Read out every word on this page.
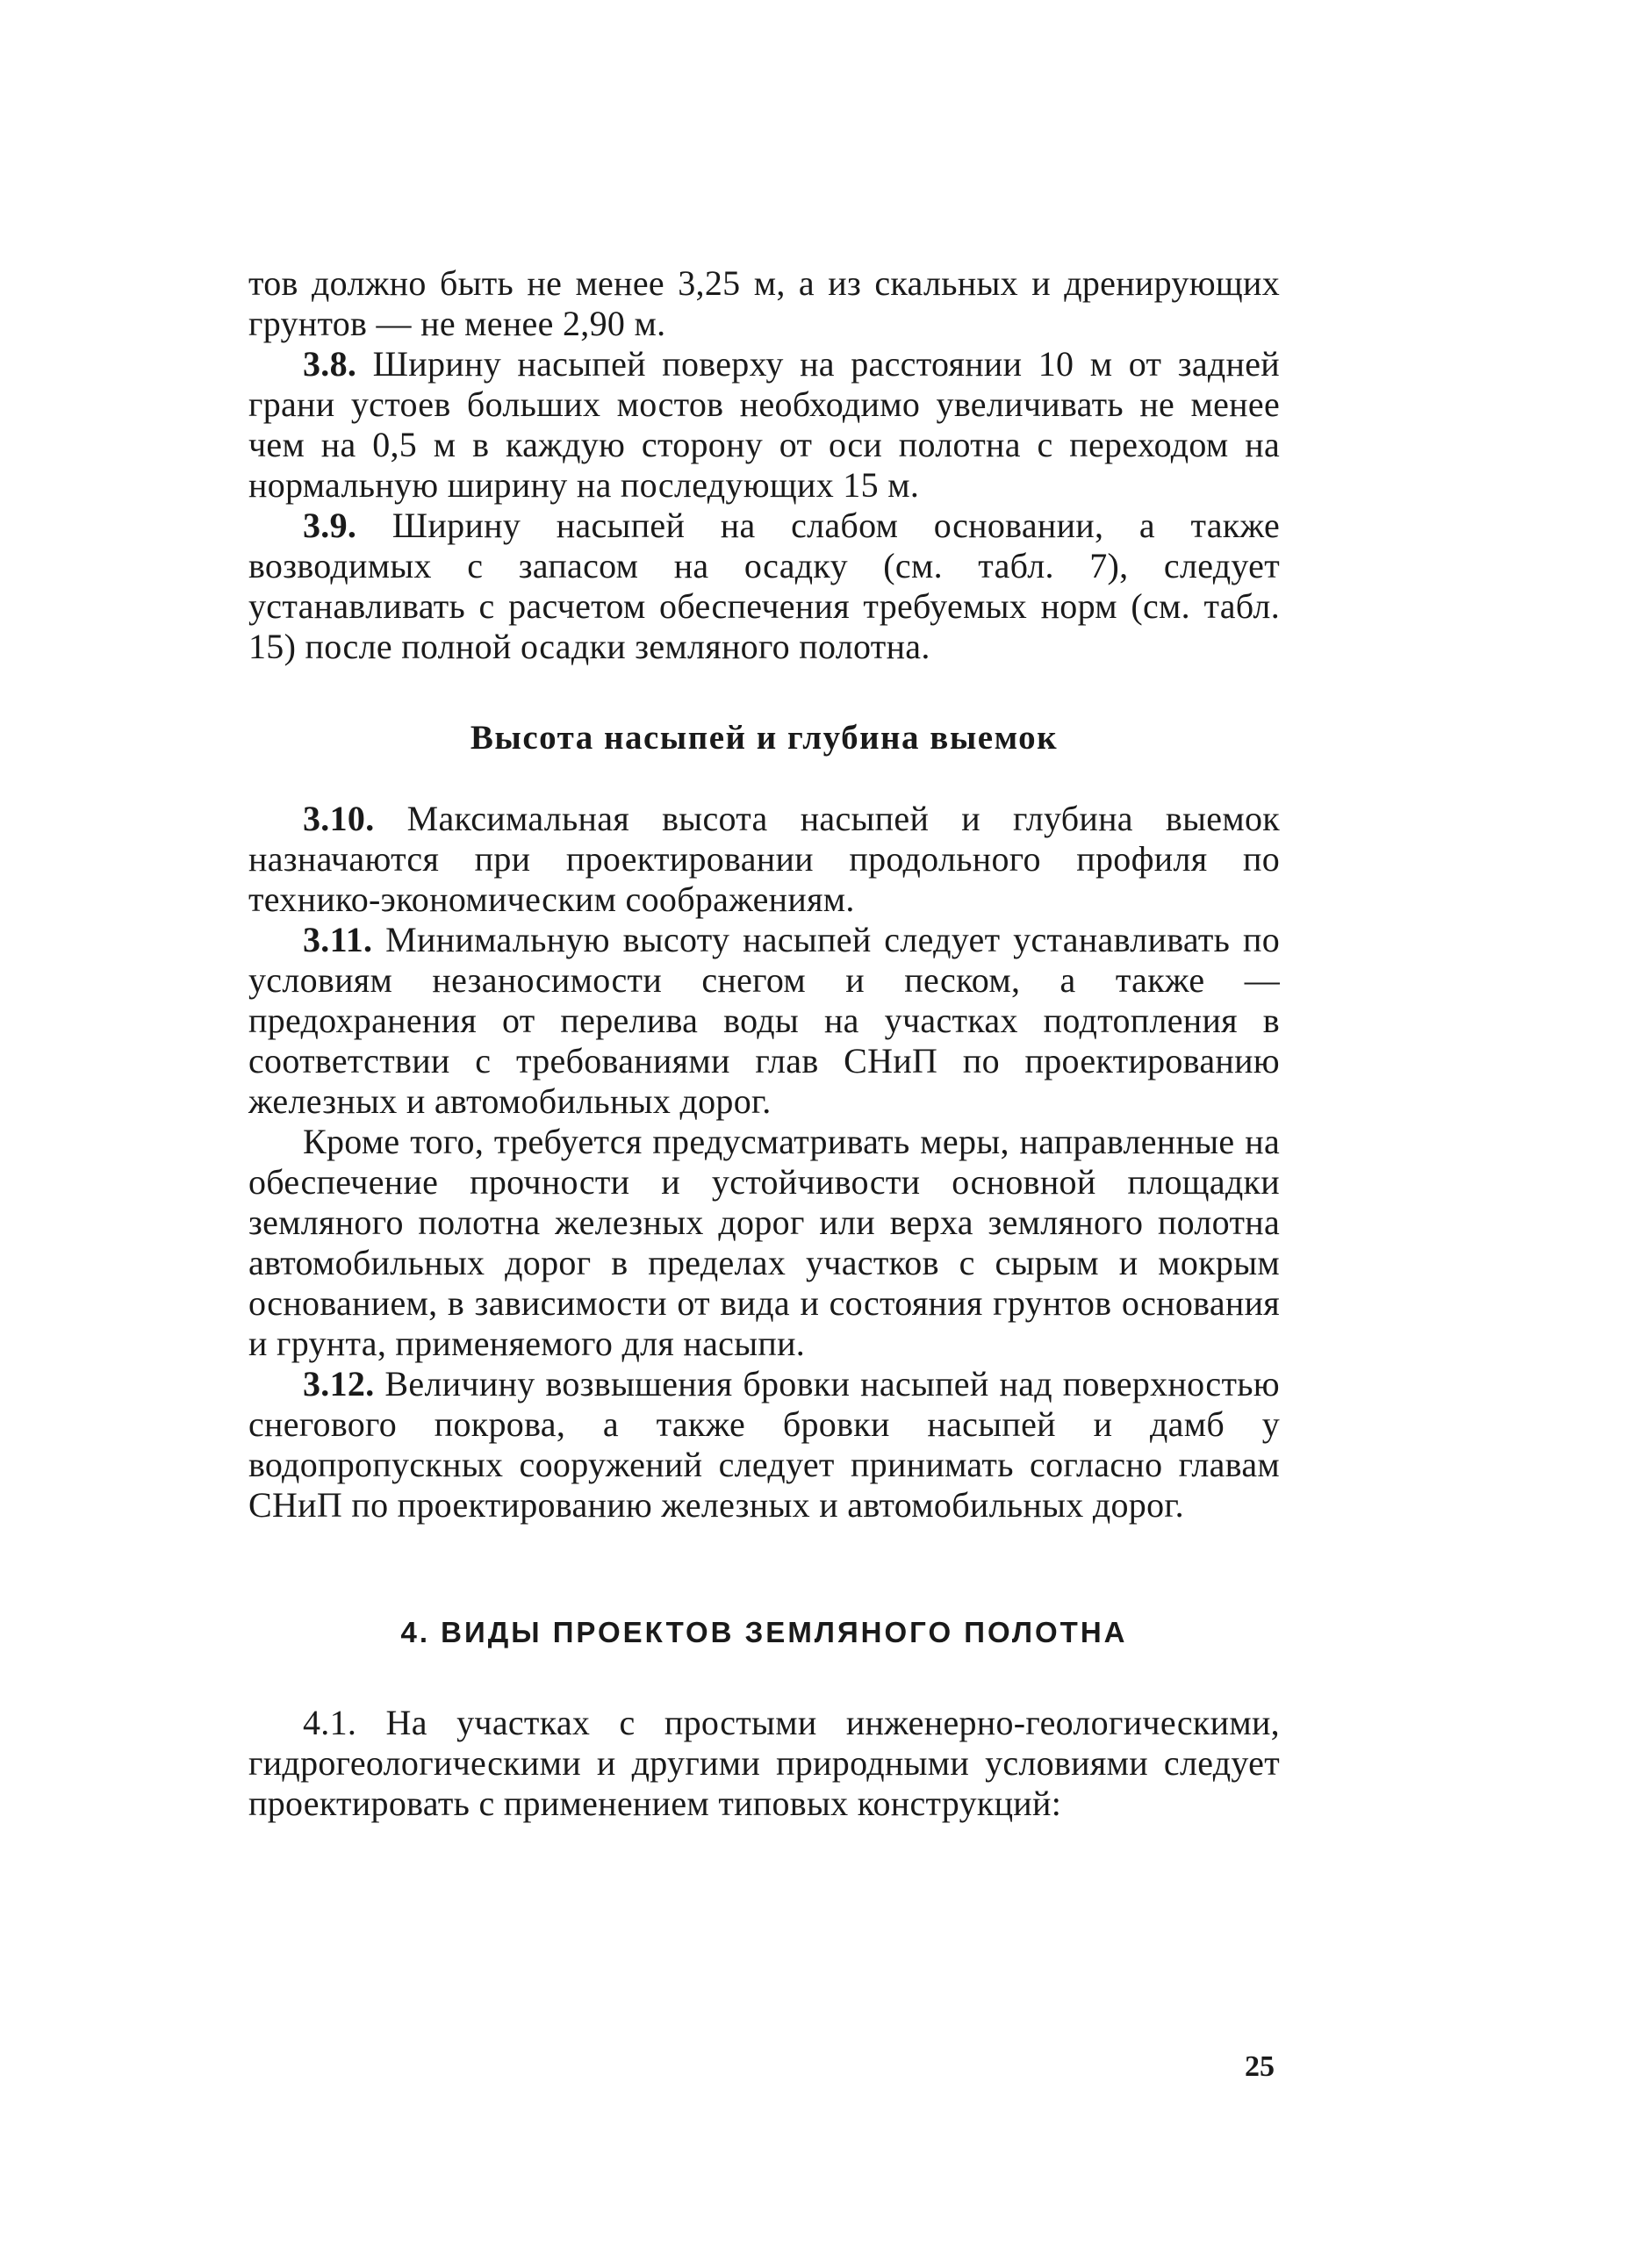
тов должно быть не менее 3,25 м, а из скальных и дренирующих грунтов — не менее 2,90 м.

3.8. Ширину насыпей поверху на расстоянии 10 м от задней грани устоев больших мостов необходимо увеличивать не менее чем на 0,5 м в каждую сторону от оси полотна с переходом на нормальную ширину на последующих 15 м.

3.9. Ширину насыпей на слабом основании, а также возводимых с запасом на осадку (см. табл. 7), следует устанавливать с расчетом обеспечения требуемых норм (см. табл. 15) после полной осадки земляного полотна.

Высота насыпей и глубина выемок

3.10. Максимальная высота насыпей и глубина выемок назначаются при проектировании продольного профиля по технико-экономическим соображениям.

3.11. Минимальную высоту насыпей следует устанавливать по условиям незаносимости снегом и песком, а также — предохранения от перелива воды на участках подтопления в соответствии с требованиями глав СНиП по проектированию железных и автомобильных дорог.

Кроме того, требуется предусматривать меры, направленные на обеспечение прочности и устойчивости основной площадки земляного полотна железных дорог или верха земляного полотна автомобильных дорог в пределах участков с сырым и мокрым основанием, в зависимости от вида и состояния грунтов основания и грунта, применяемого для насыпи.

3.12. Величину возвышения бровки насыпей над поверхностью снегового покрова, а также бровки насыпей и дамб у водопропускных сооружений следует принимать согласно главам СНиП по проектированию железных и автомобильных дорог.

4. ВИДЫ ПРОЕКТОВ ЗЕМЛЯНОГО ПОЛОТНА

4.1. На участках с простыми инженерно-геологическими, гидрогеологическими и другими природными условиями следует проектировать с применением типовых конструкций:

25
